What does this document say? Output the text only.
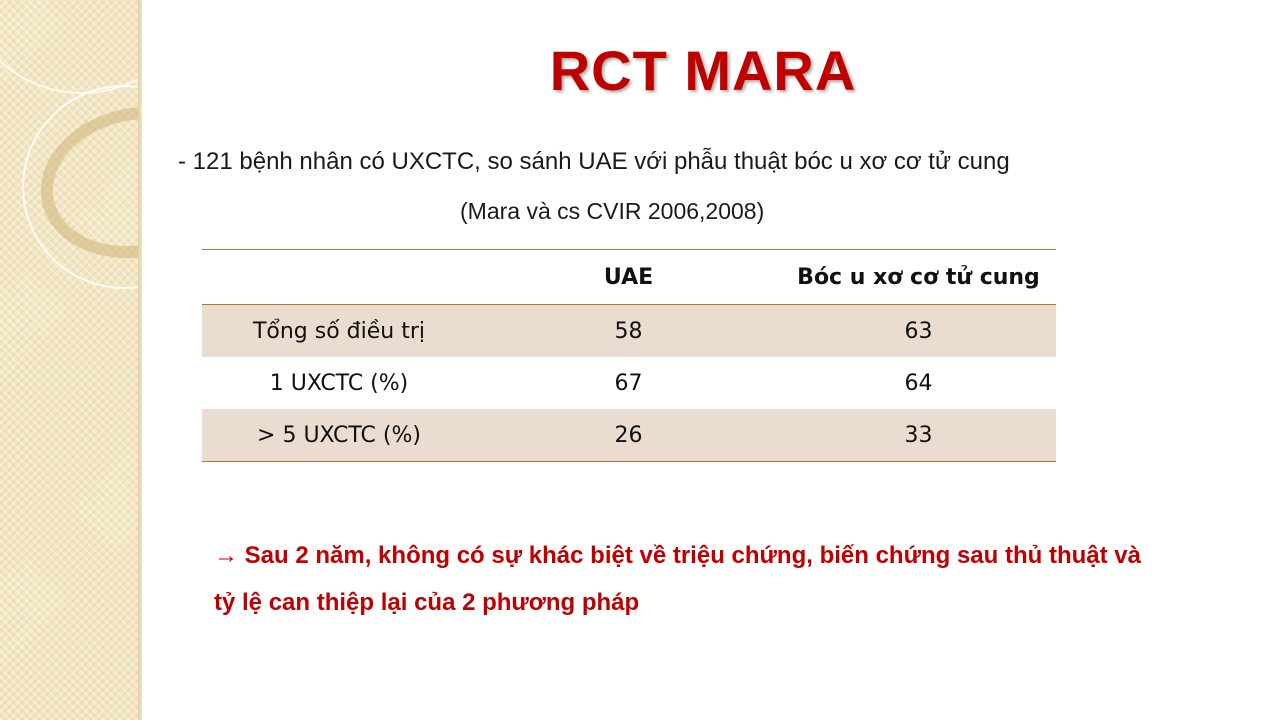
RCT MARA
- 121 bệnh nhân có UXCTC, so sánh UAE với phẫu thuật bóc u xơ cơ tử cung
(Mara và cs CVIR 2006,2008)
	UAE	Bóc u xơ cơ tử cung
Tổng số điều trị	58	63
1 UXCTC (%)	67	64
> 5 UXCTC (%)	26	33
→ Sau 2 năm, không có sự khác biệt về triệu chứng, biến chứng sau thủ thuật và tỷ lệ can thiệp lại của 2 phương pháp
